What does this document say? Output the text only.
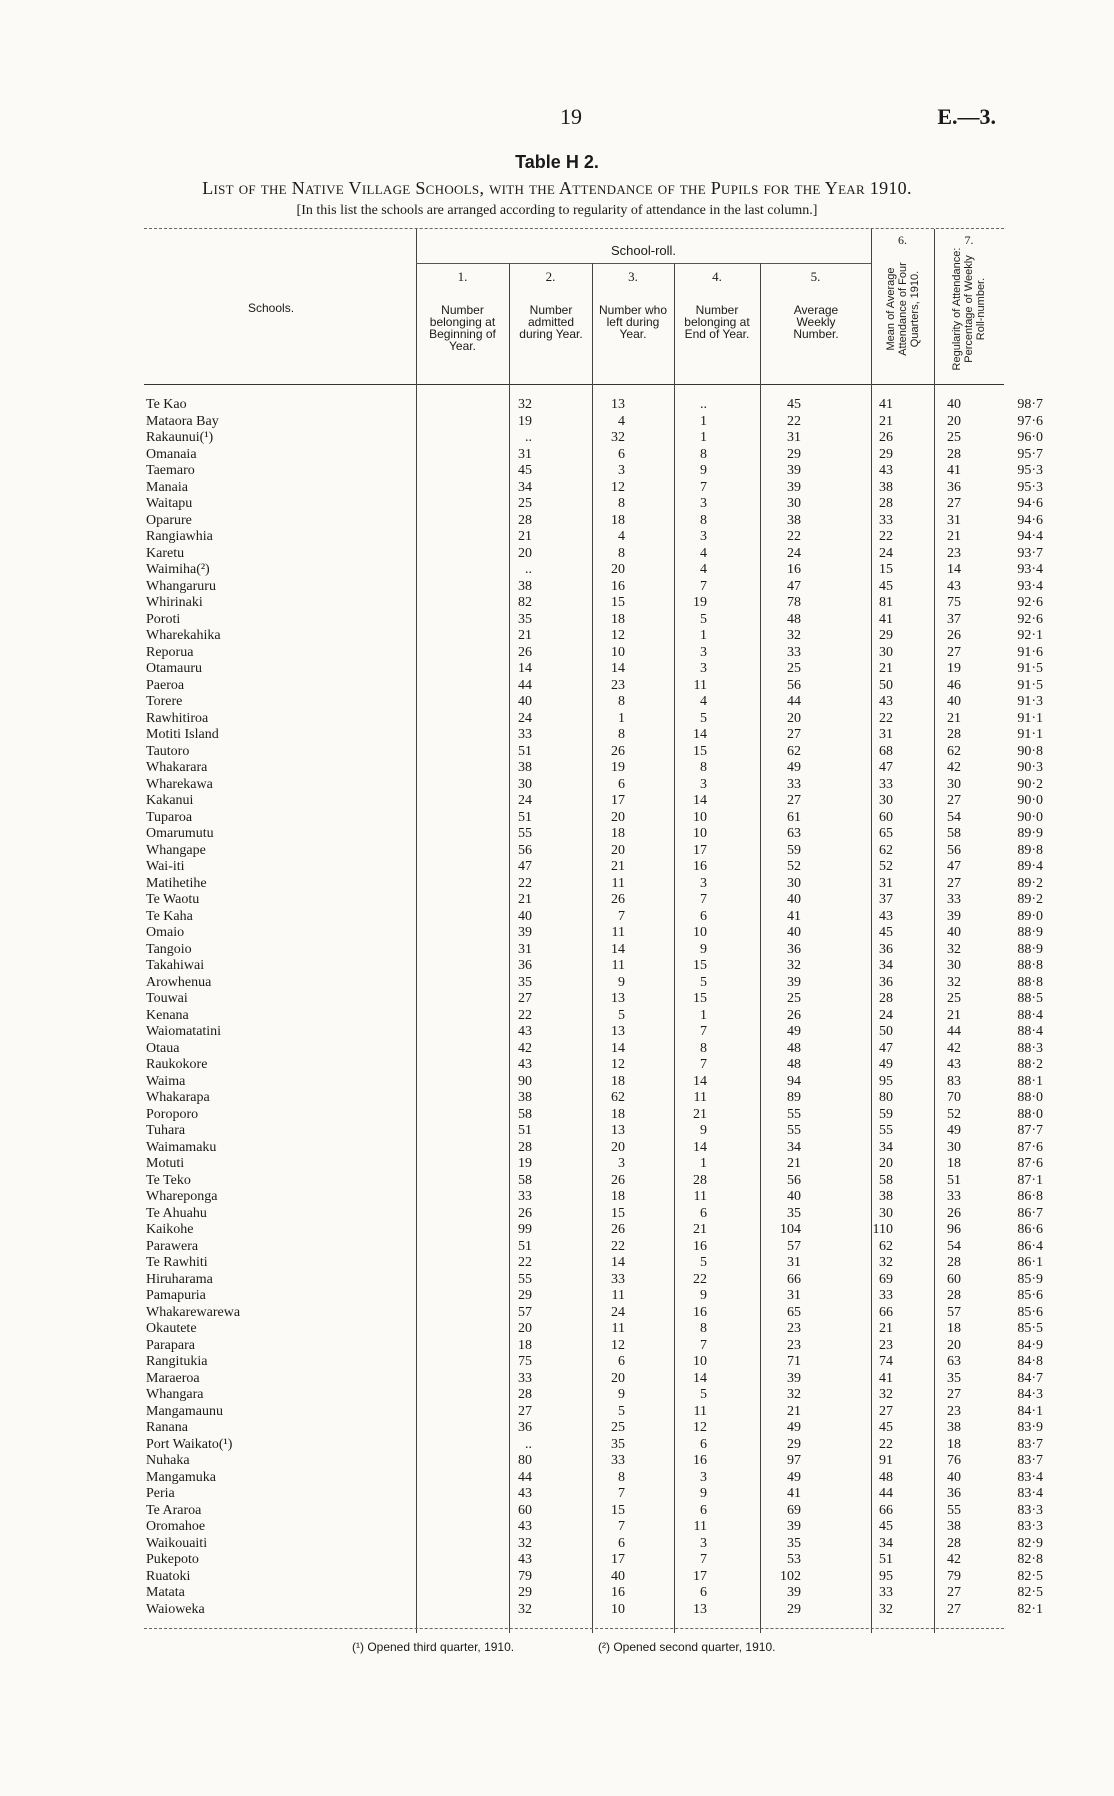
19	E.—3.
Table H 2.
List of the Native Village Schools, with the Attendance of the Pupils for the Year 1910.
[In this list the schools are arranged according to regularity of attendance in the last column.]
Schools.
School-roll.
1.	2.	3.	4.	5.
Number belonging at Beginning of Year.
Number admitted during Year.
Number who left during Year.
Number belonging at End of Year.
Average Weekly Number.
6.
Mean of Average Attendance of Four Quarters, 1910.
7.
Regularity of Attendance: Percentage of Weekly Roll-number.
Te Kao	32	13	..	45	41	40	98·7
Mataora Bay	19	4	1	22	21	20	97·6
Rakaunui(¹)	..	32	1	31	26	25	96·0
Omanaia	31	6	8	29	29	28	95·7
Taemaro	45	3	9	39	43	41	95·3
Manaia	34	12	7	39	38	36	95·3
Waitapu	25	8	3	30	28	27	94·6
Oparure	28	18	8	38	33	31	94·6
Rangiawhia	21	4	3	22	22	21	94·4
Karetu	20	8	4	24	24	23	93·7
Waimiha(²)	..	20	4	16	15	14	93·4
Whangaruru	38	16	7	47	45	43	93·4
Whirinaki	82	15	19	78	81	75	92·6
Poroti	35	18	5	48	41	37	92·6
Wharekahika	21	12	1	32	29	26	92·1
Reporua	26	10	3	33	30	27	91·6
Otamauru	14	14	3	25	21	19	91·5
Paeroa	44	23	11	56	50	46	91·5
Torere	40	8	4	44	43	40	91·3
Rawhitiroa	24	1	5	20	22	21	91·1
Motiti Island	33	8	14	27	31	28	91·1
Tautoro	51	26	15	62	68	62	90·8
Whakarara	38	19	8	49	47	42	90·3
Wharekawa	30	6	3	33	33	30	90·2
Kakanui	24	17	14	27	30	27	90·0
Tuparoa	51	20	10	61	60	54	90·0
Omarumutu	55	18	10	63	65	58	89·9
Whangape	56	20	17	59	62	56	89·8
Wai-iti	47	21	16	52	52	47	89·4
Matihetihe	22	11	3	30	31	27	89·2
Te Waotu	21	26	7	40	37	33	89·2
Te Kaha	40	7	6	41	43	39	89·0
Omaio	39	11	10	40	45	40	88·9
Tangoio	31	14	9	36	36	32	88·9
Takahiwai	36	11	15	32	34	30	88·8
Arowhenua	35	9	5	39	36	32	88·8
Touwai	27	13	15	25	28	25	88·5
Kenana	22	5	1	26	24	21	88·4
Waiomatatini	43	13	7	49	50	44	88·4
Otaua	42	14	8	48	47	42	88·3
Raukokore	43	12	7	48	49	43	88·2
Waima	90	18	14	94	95	83	88·1
Whakarapa	38	62	11	89	80	70	88·0
Poroporo	58	18	21	55	59	52	88·0
Tuhara	51	13	9	55	55	49	87·7
Waimamaku	28	20	14	34	34	30	87·6
Motuti	19	3	1	21	20	18	87·6
Te Teko	58	26	28	56	58	51	87·1
Whareponga	33	18	11	40	38	33	86·8
Te Ahuahu	26	15	6	35	30	26	86·7
Kaikohe	99	26	21	104	110	96	86·6
Parawera	51	22	16	57	62	54	86·4
Te Rawhiti	22	14	5	31	32	28	86·1
Hiruharama	55	33	22	66	69	60	85·9
Pamapuria	29	11	9	31	33	28	85·6
Whakarewarewa	57	24	16	65	66	57	85·6
Okautete	20	11	8	23	21	18	85·5
Parapara	18	12	7	23	23	20	84·9
Rangitukia	75	6	10	71	74	63	84·8
Maraeroa	33	20	14	39	41	35	84·7
Whangara	28	9	5	32	32	27	84·3
Mangamaunu	27	5	11	21	27	23	84·1
Ranana	36	25	12	49	45	38	83·9
Port Waikato(¹)	..	35	6	29	22	18	83·7
Nuhaka	80	33	16	97	91	76	83·7
Mangamuka	44	8	3	49	48	40	83·4
Peria	43	7	9	41	44	36	83·4
Te Araroa	60	15	6	69	66	55	83·3
Oromahoe	43	7	11	39	45	38	83·3
Waikouaiti	32	6	3	35	34	28	82·9
Pukepoto	43	17	7	53	51	42	82·8
Ruatoki	79	40	17	102	95	79	82·5
Matata	29	16	6	39	33	27	82·5
Waioweka	32	10	13	29	32	27	82·1
(¹) Opened third quarter, 1910.	(²) Opened second quarter, 1910.
